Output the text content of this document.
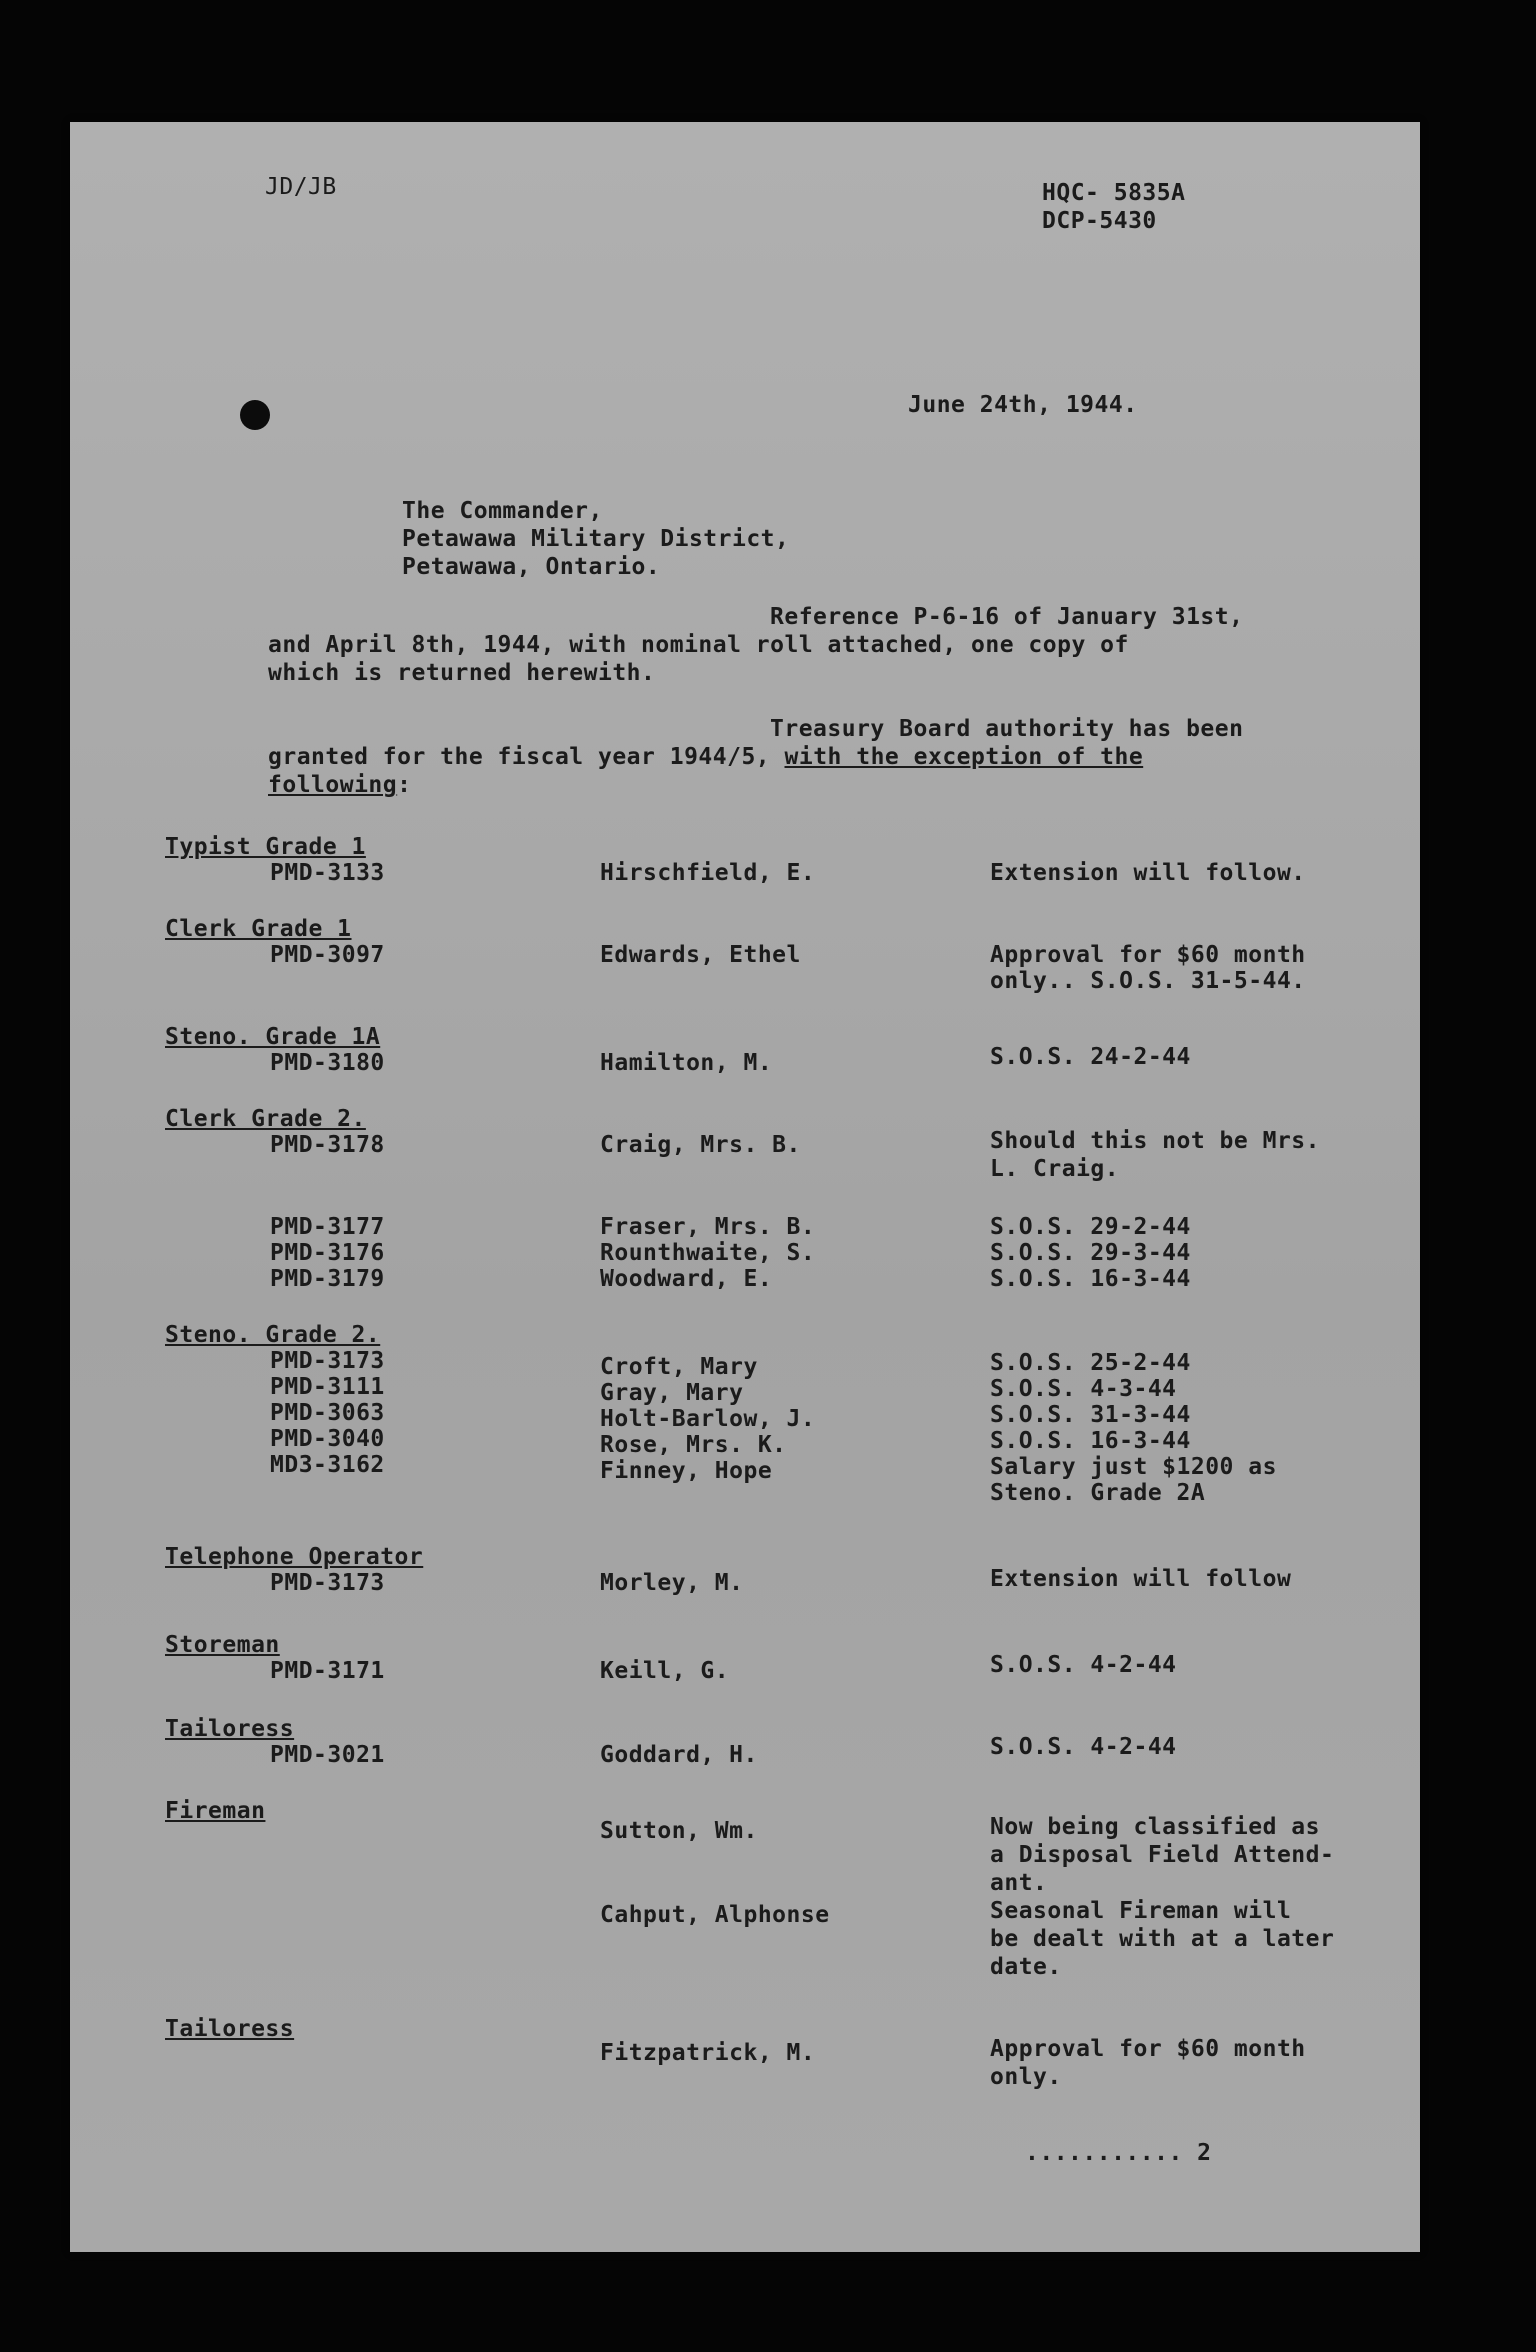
JD/JB	HQC- 5835A
DCP-5430
June 24th, 1944.
The Commander,
Petawawa Military District,
Petawawa, Ontario.
Reference P-6-16 of January 31st,
and April 8th, 1944, with nominal roll attached, one copy of
which is returned herewith.
Treasury Board authority has been
granted for the fiscal year 1944/5, with the exception of the
following:
Typist Grade 1
PMD-3133	Hirschfield, E.	Extension will follow.
Clerk Grade 1
PMD-3097	Edwards, Ethel	Approval for $60 month
only.. S.O.S. 31-5-44.
Steno. Grade 1A
PMD-3180	Hamilton, M.	S.O.S. 24-2-44
Clerk Grade 2.
PMD-3178	Craig, Mrs. B.	Should this not be Mrs.
L. Craig.
PMD-3177	Fraser, Mrs. B.	S.O.S. 29-2-44
PMD-3176	Rounthwaite, S.	S.O.S. 29-3-44
PMD-3179	Woodward, E.	S.O.S. 16-3-44
Steno. Grade 2.
PMD-3173	Croft, Mary	S.O.S. 25-2-44
PMD-3111	Gray, Mary	S.O.S. 4-3-44
PMD-3063	Holt-Barlow, J.	S.O.S. 31-3-44
PMD-3040	Rose, Mrs. K.	S.O.S. 16-3-44
MD3-3162	Finney, Hope	Salary just $1200 as
Steno. Grade 2A
Telephone Operator
PMD-3173	Morley, M.	Extension will follow
Storeman
PMD-3171	Keill, G.	S.O.S. 4-2-44
Tailoress
PMD-3021	Goddard, H.	S.O.S. 4-2-44
Fireman
Sutton, Wm.	Now being classified as
a Disposal Field Attend-
ant.
Cahput, Alphonse	Seasonal Fireman will
be dealt with at a later
date.
Tailoress
Fitzpatrick, M.	Approval for $60 month
only.
........... 2
